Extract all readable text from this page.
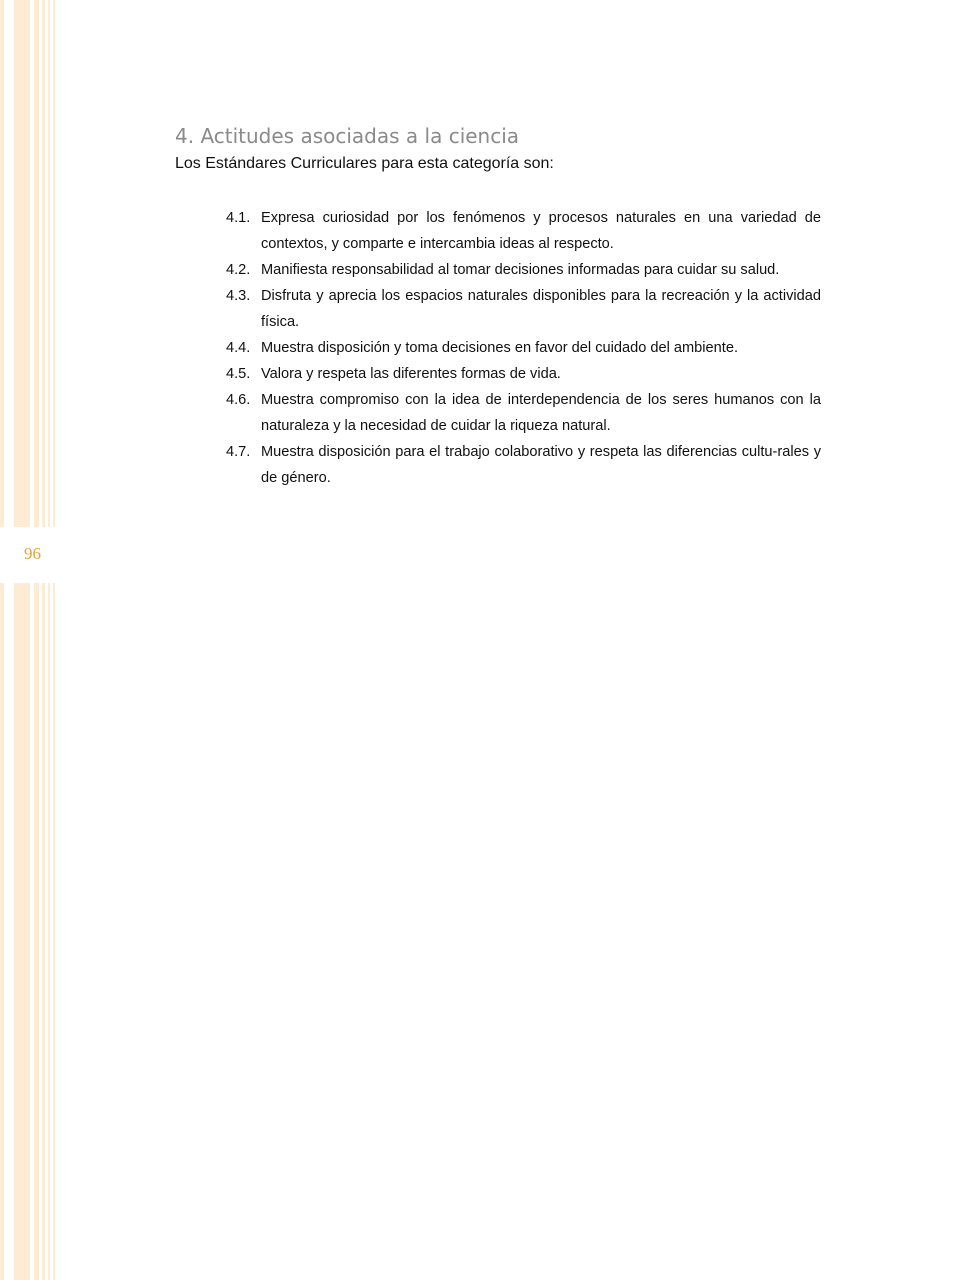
96
4. Actitudes asociadas a la ciencia

Los Estándares Curriculares para esta categoría son:

4.1. Expresa curiosidad por los fenómenos y procesos naturales en una variedad de contextos, y comparte e intercambia ideas al respecto.
4.2. Manifiesta responsabilidad al tomar decisiones informadas para cuidar su salud.
4.3. Disfruta y aprecia los espacios naturales disponibles para la recreación y la actividad física.
4.4. Muestra disposición y toma decisiones en favor del cuidado del ambiente.
4.5. Valora y respeta las diferentes formas de vida.
4.6. Muestra compromiso con la idea de interdependencia de los seres humanos con la naturaleza y la necesidad de cuidar la riqueza natural.
4.7. Muestra disposición para el trabajo colaborativo y respeta las diferencias cultu-rales y de género.
